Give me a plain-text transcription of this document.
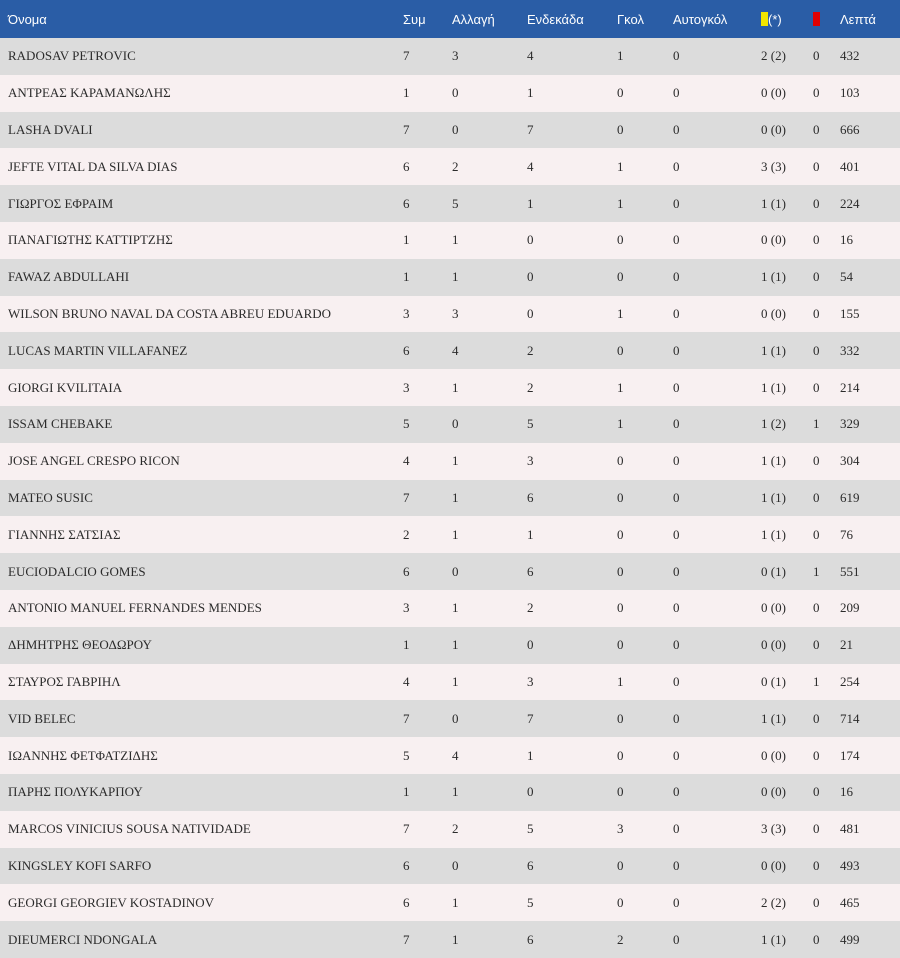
Όνομα	Συμ	Αλλαγή	Ενδεκάδα	Γκολ	Αυτογκόλ	(*)		Λεπτά
RADOSAV PETROVIC	7	3	4	1	0	2 (2)	0	432
ΑΝΤΡΕΑΣ ΚΑΡΑΜΑΝΩΛΗΣ	1	0	1	0	0	0 (0)	0	103
LASHA DVALI	7	0	7	0	0	0 (0)	0	666
JEFTE VITAL DA SILVA DIAS	6	2	4	1	0	3 (3)	0	401
ΓΙΩΡΓΟΣ ΕΦΡΑΙΜ	6	5	1	1	0	1 (1)	0	224
ΠΑΝΑΓΙΩΤΗΣ ΚΑΤΤΙΡΤΖΗΣ	1	1	0	0	0	0 (0)	0	16
FAWAZ ABDULLAHI	1	1	0	0	0	1 (1)	0	54
WILSON BRUNO NAVAL DA COSTA ABREU EDUARDO	3	3	0	1	0	0 (0)	0	155
LUCAS MARTIN VILLAFANEZ	6	4	2	0	0	1 (1)	0	332
GIORGI KVILITAIA	3	1	2	1	0	1 (1)	0	214
ISSAM CHEBAKE	5	0	5	1	0	1 (2)	1	329
JOSE ANGEL CRESPO RICON	4	1	3	0	0	1 (1)	0	304
MATEO SUSIC	7	1	6	0	0	1 (1)	0	619
ΓΙΑΝΝΗΣ ΣΑΤΣΙΑΣ	2	1	1	0	0	1 (1)	0	76
EUCIODALCIO GOMES	6	0	6	0	0	0 (1)	1	551
ANTONIO MANUEL FERNANDES MENDES	3	1	2	0	0	0 (0)	0	209
ΔΗΜΗΤΡΗΣ ΘΕΟΔΩΡΟΥ	1	1	0	0	0	0 (0)	0	21
ΣΤΑΥΡΟΣ ΓΑΒΡΙΗΛ	4	1	3	1	0	0 (1)	1	254
VID BELEC	7	0	7	0	0	1 (1)	0	714
ΙΩΑΝΝΗΣ ΦΕΤΦΑΤΖΙΔΗΣ	5	4	1	0	0	0 (0)	0	174
ΠΑΡΗΣ ΠΟΛΥΚΑΡΠΟΥ	1	1	0	0	0	0 (0)	0	16
MARCOS VINICIUS SOUSA NATIVIDADE	7	2	5	3	0	3 (3)	0	481
KINGSLEY KOFI SARFO	6	0	6	0	0	0 (0)	0	493
GEORGI GEORGIEV KOSTADINOV	6	1	5	0	0	2 (2)	0	465
DIEUMERCI NDONGALA	7	1	6	2	0	1 (1)	0	499
